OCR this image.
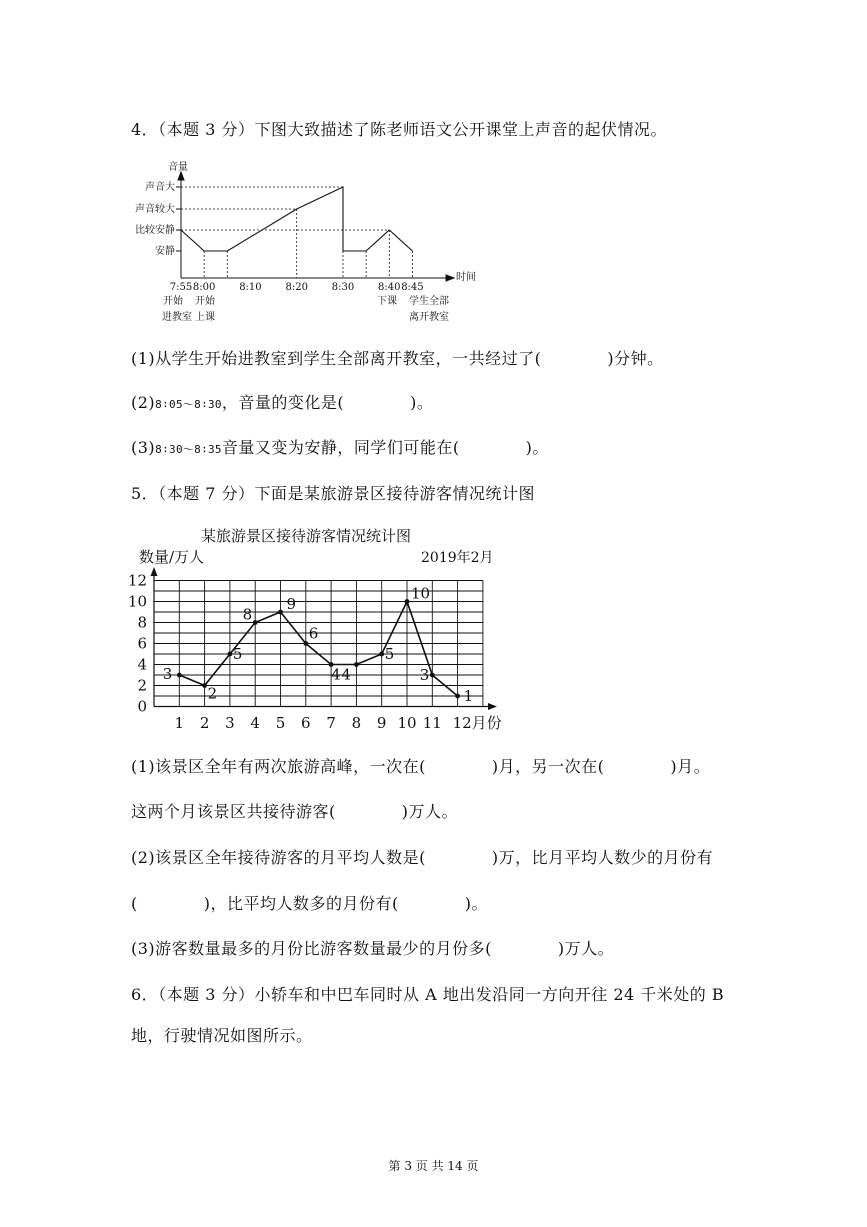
4．（本题 3 分）下图大致描述了陈老师语文公开课堂上声音的起伏情况。
音量
时间
安静
比较安静
声音较大
声音大
7:55 8:00 8:10 8:20 8:30 8:40 8:45
开始 开始
进教室 上课
下课 学生全部
离开教室
(1)从学生开始进教室到学生全部离开教室，一共经过了(　　　　)分钟。
(2)8∶05～8∶30，音量的变化是(　　　　)。
(3)8∶30～8∶35音量又变为安静，同学们可能在(　　　　)。
5．（本题 7 分）下面是某旅游景区接待游客情况统计图
某旅游景区接待游客情况统计图
数量/万人	2019年2月
0
2
4
6
8
10
12
1 2 3 4 5 6 7 8 9 10 11 12月份
3
2
5
8
9
6
4 4
5
10
3
1
(1)该景区全年有两次旅游高峰，一次在(　　　　)月，另一次在(　　　　)月。
这两个月该景区共接待游客(　　　　)万人。
(2)该景区全年接待游客的月平均人数是(　　　　)万，比月平均人数少的月份有
(　　　　)，比平均人数多的月份有(　　　　)。
(3)游客数量最多的月份比游客数量最少的月份多(　　　　)万人。
6．（本题 3 分）小轿车和中巴车同时从 A 地出发沿同一方向开往 24 千米处的 B
地，行驶情况如图所示。
第 3 页 共 14 页
